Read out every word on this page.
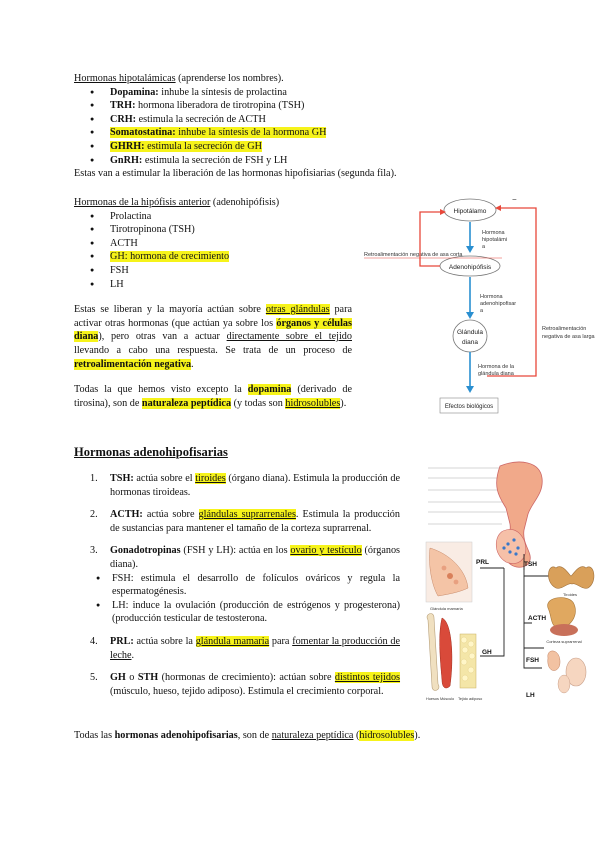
Hormonas hipotalámicas (aprenderse los nombres).
● Dopamina: inhube la síntesis de prolactina
● TRH: hormona liberadora de tirotropina (TSH)
● CRH: estimula la secreción de ACTH
● Somatostatina: inhube la síntesis de la hormona GH
● GHRH: estimula la secreción de GH
● GnRH: estimula la secreción de FSH y LH
Estas van a estimular la liberación de las hormonas hipofisiarias (segunda fila).
Hormonas de la hipófisis anterior (adenohipófisis)
● Prolactina
● Tirotropinona (TSH)
● ACTH
● GH: hormona de crecimiento
● FSH
● LH

Estas se liberan y la mayoría actúan sobre otras glándulas para activar otras hormonas (que actúan ya sobre los órganos y células diana), pero otras van a actuar directamente sobre el tejido llevando a cabo una respuesta. Se trata de un proceso de retroalimentación negativa.

Todas la que hemos visto excepto la dopamina (derivado de tirosina), son de naturaleza peptídica (y todas son hidrosolubles).

Hipotálamo
Hormona
hipotalámi
a
Adenohipófisis
Retroalimentación negativa de asa corta
Hormona
adenohipofisar
a
Glándula
diana
Hormona de la
glándula diana
Efectos biológicos
−
Retroalimentación
negativa de asa larga
Hormonas adenohipofisarias
1. TSH: actúa sobre el tiroides (órgano diana). Estimula la producción de hormonas tiroideas.
2. ACTH: actúa sobre glándulas suprarrenales. Estimula la producción de sustancias para mantener el tamaño de la corteza suprarrenal.
3. Gonadotropinas (FSH y LH): actúa en los ovario y testículo (órganos diana).
● FSH: estimula el desarrollo de folículos ováricos y regula la espermatogénesis.
● LH: induce la ovulación (producción de estrógenos y progesterona) (producción testicular de testosterona.
4. PRL: actúa sobre la glándula mamaria para fomentar la producción de leche.
5. GH o STH (hormonas de crecimiento): actúan sobre distintos tejidos (músculo, hueso, tejido adiposo). Estimula el crecimiento corporal.
Todas las hormonas adenohipofisarias, son de naturaleza peptídica (hidrosolubles).
TSH
Tiroides
ACTH
Corteza suprarrenal
FSH
LH
PRL
Glándula mamaria
GH
Huesos Músculo Tejido adiposo
